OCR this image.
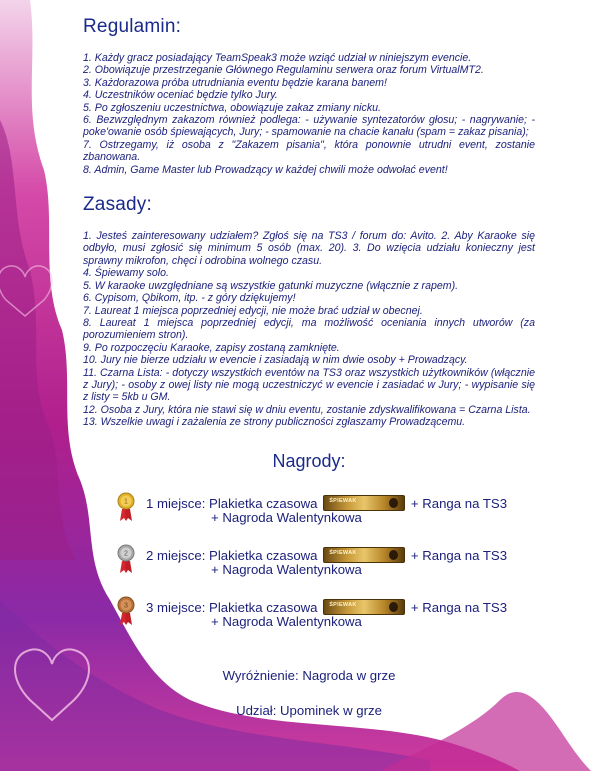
Regulamin:

1. Każdy gracz posiadający TeamSpeak3 może wziąć udział w niniejszym evencie.

2. Obowiązuje przestrzeganie Głównego Regulaminu serwera oraz forum VirtualMT2.

3. Każdorazowa próba utrudniania eventu będzie karana banem!

4. Uczestników oceniać będzie tylko Jury.

5. Po zgłoszeniu uczestnictwa, obowiązuje zakaz zmiany nicku.

6. Bezwzględnym zakazom również podlega: - używanie syntezatorów głosu; - nagrywanie; - poke'owanie osób śpiewających, Jury; - spamowanie na chacie kanału (spam = zakaz pisania);

7. Ostrzegamy, iż osoba z "Zakazem pisania", która ponownie utrudni event, zostanie zbanowana.

8. Admin, Game Master lub Prowadzący w każdej chwili może odwołać event!

Zasady:

1. Jesteś zainteresowany udziałem? Zgłoś się na TS3 / forum do: Avito. 2. Aby Karaoke się odbyło, musi zgłosić się minimum 5 osób (max. 20). 3. Do wzięcia udziału konieczny jest sprawny mikrofon, chęci i odrobina wolnego czasu.

4. Śpiewamy solo.

5. W karaoke uwzględniane są wszystkie gatunki muzyczne (włącznie z rapem).

6. Cypisom, Qbikom, itp. - z góry dziękujemy!

7. Laureat 1 miejsca poprzedniej edycji, nie może brać udział w obecnej.

8. Laureat 1 miejsca poprzedniej edycji, ma możliwość oceniania innych utworów (za porozumieniem stron).

9. Po rozpoczęciu Karaoke, zapisy zostaną zamknięte.

10. Jury nie bierze udziału w evencie i zasiadają w nim dwie osoby + Prowadzący.

11. Czarna Lista: - dotyczy wszystkich eventów na TS3 oraz wszystkich użytkowników (włącznie z Jury); - osoby z owej listy nie mogą uczestniczyć w evencie i zasiadać w Jury; - wypisanie się z listy = 5kb u GM.

12. Osoba z Jury, która nie stawi się w dniu eventu, zostanie zdyskwalifikowana = Czarna Lista.

13. Wszelkie uwagi i zażalenia ze strony publiczności zgłaszamy Prowadzącemu.

Nagrody:
1 1 miejsce: Plakietka czasowa ŚPIEWAK	+ Ranga na TS3
+ Nagroda Walentynkowa
2 2 miejsce: Plakietka czasowa ŚPIEWAK	+ Ranga na TS3
+ Nagroda Walentynkowa
3 3 miejsce: Plakietka czasowa ŚPIEWAK	+ Ranga na TS3
+ Nagroda Walentynkowa
Wyróżnienie: Nagroda w grze
Udział: Upominek w grze
